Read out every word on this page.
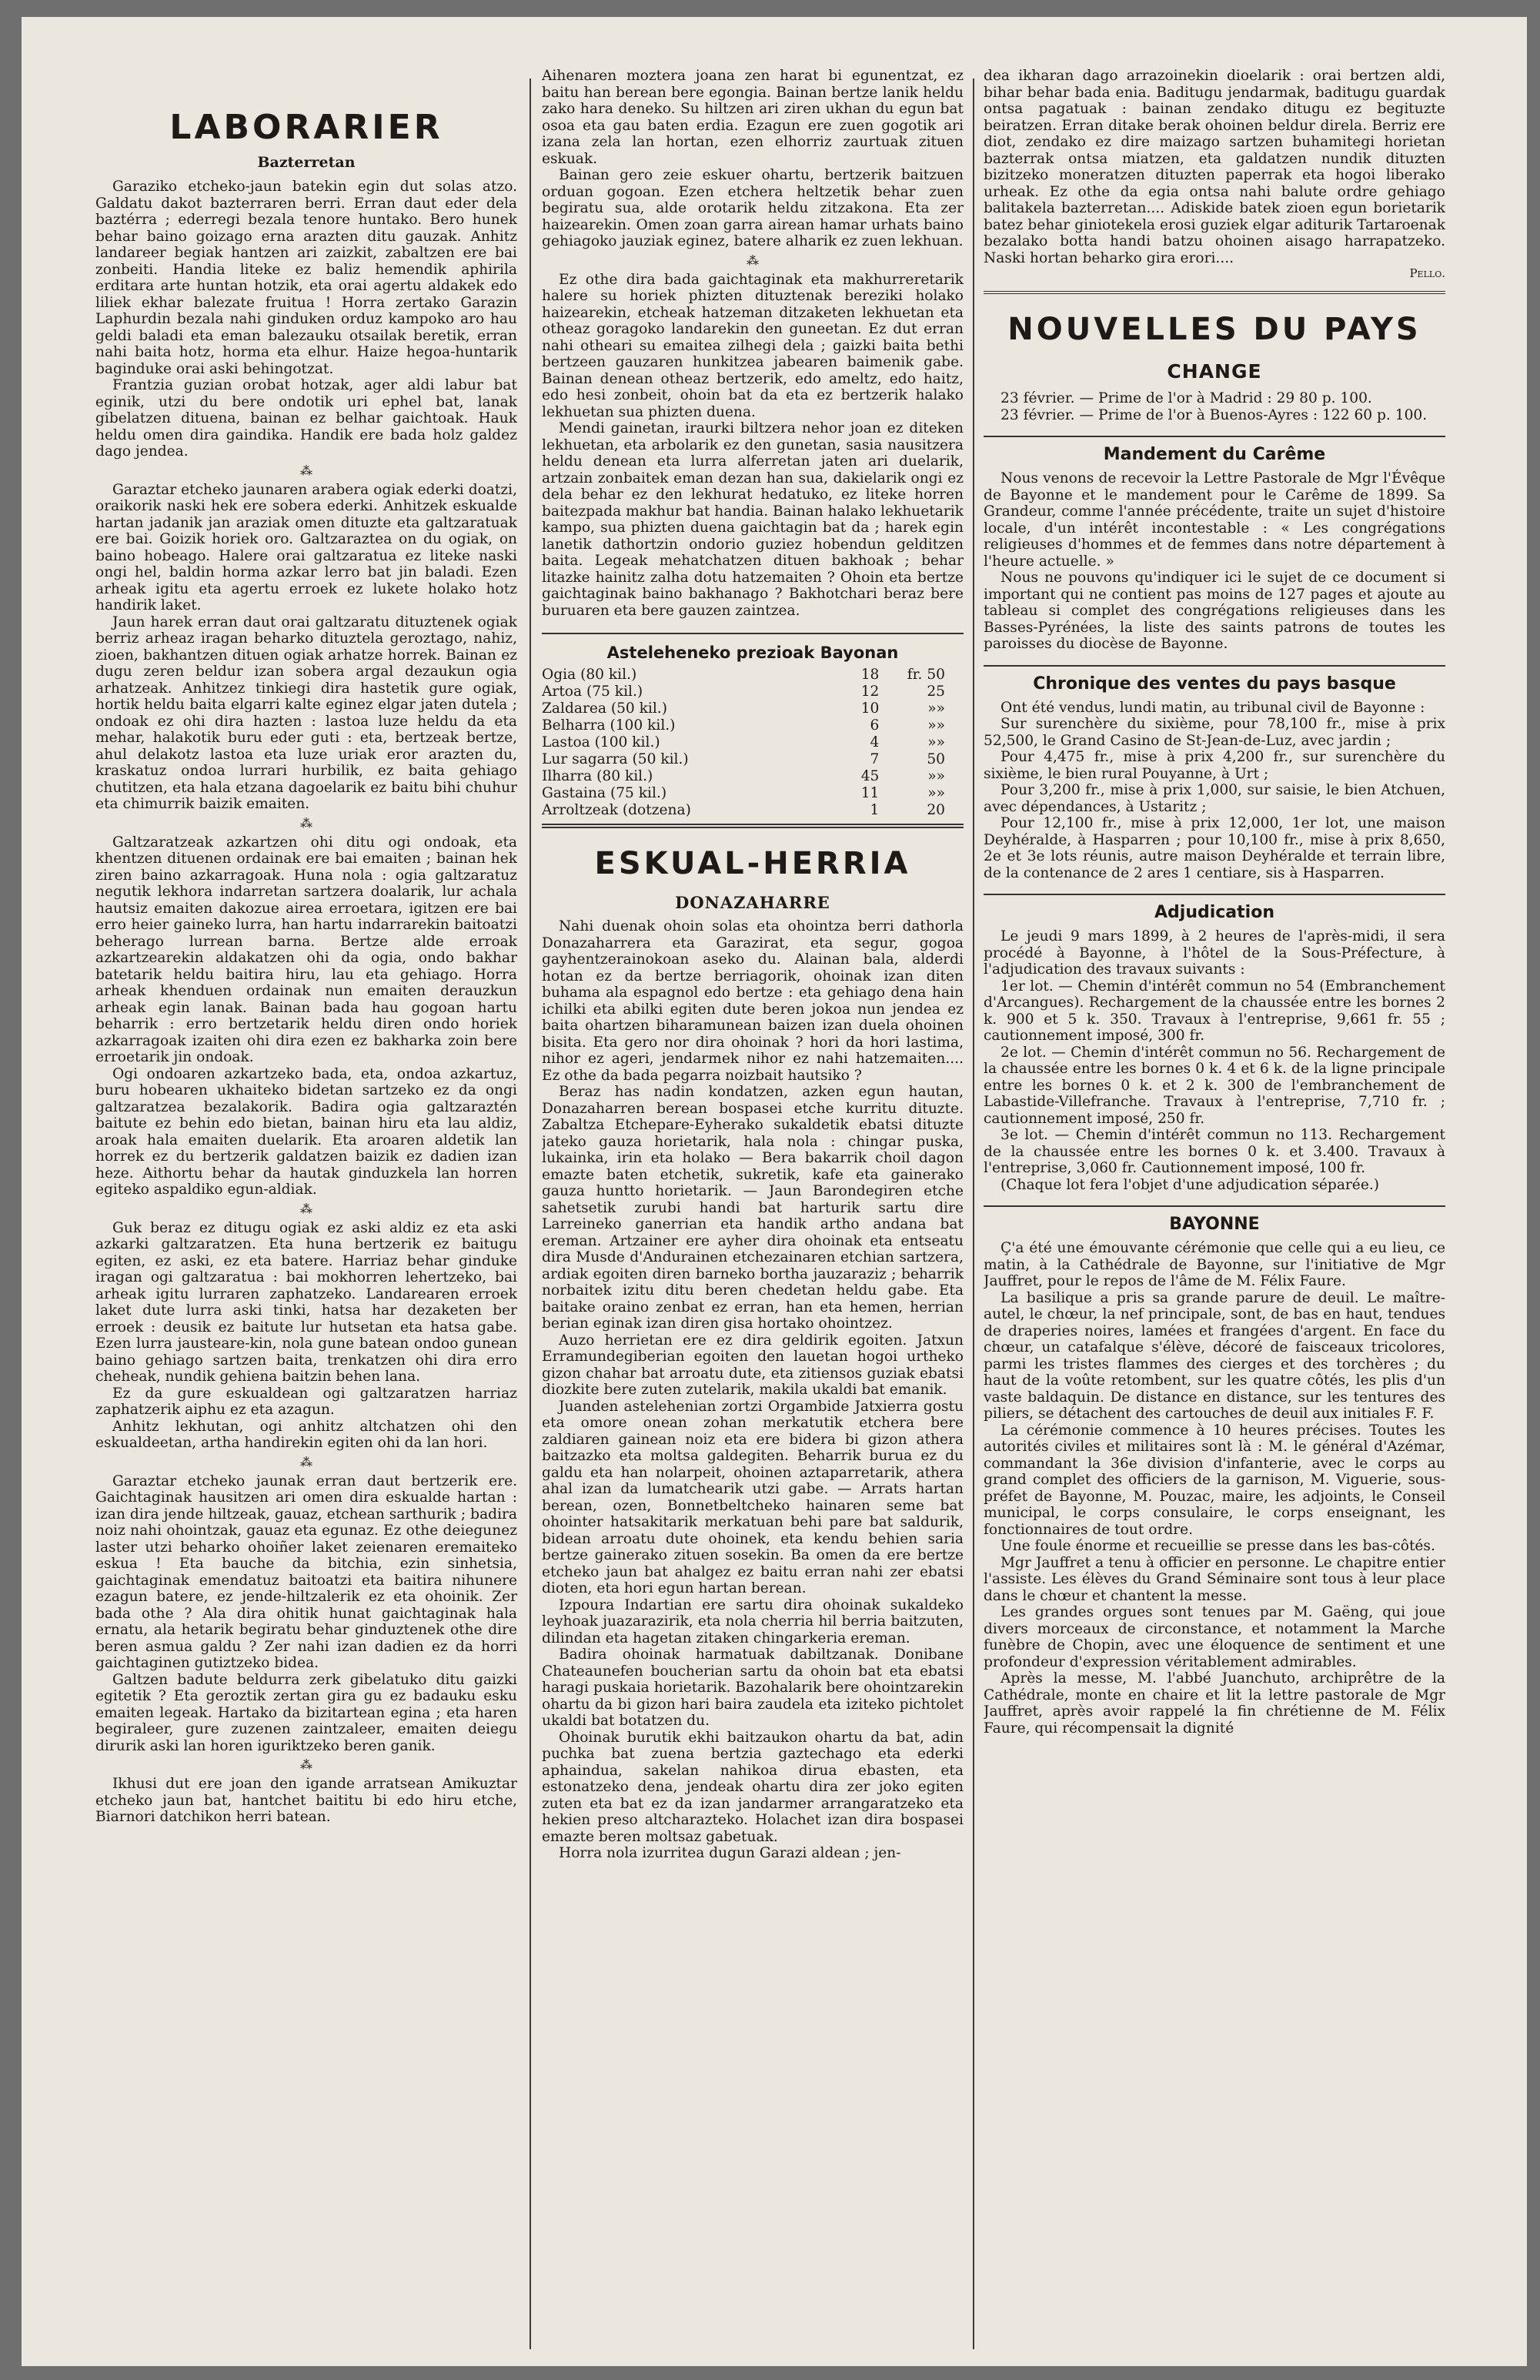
LABORARIER
Bazterretan

Garaziko etcheko-jaun batekin egin dut solas atzo. Galdatu dakot bazterraren berri. Erran daut eder dela baztérra ; ederregi bezala tenore huntako. Bero hunek behar baino goizago erna arazten ditu gauzak. Anhitz landareer begiak hantzen ari zaizkit, zabaltzen ere bai zonbeiti. Handia liteke ez baliz hemendik aphirila erditara arte huntan hotzik, eta orai agertu aldakek edo liliek ekhar balezate fruitua ! Horra zertako Garazin Laphurdin bezala nahi ginduken orduz kampoko aro hau geldi baladi eta eman balezauku otsailak beretik, erran nahi baita hotz, horma eta elhur. Haize hegoa-huntarik baginduke orai aski behingotzat.

Frantzia guzian orobat hotzak, ager aldi labur bat eginik, utzi du bere ondotik uri ephel bat, lanak gibelatzen dituena, bainan ez belhar gaichtoak. Hauk heldu omen dira gaindika. Handik ere bada holz galdez dago jendea.

⁂

Garaztar etcheko jaunaren arabera ogiak ederki doatzi, oraikorik naski hek ere sobera ederki. Anhitzek eskualde hartan jadanik jan araziak omen dituzte eta galtzaratuak ere bai. Goizik horiek oro. Galtzaraztea on du ogiak, on baino hobeago. Halere orai galtzaratua ez liteke naski ongi hel, baldin horma azkar lerro bat jin baladi. Ezen arheak igitu eta agertu erroek ez lukete holako hotz handirik laket.

Jaun harek erran daut orai galtzaratu dituztenek ogiak berriz arheaz iragan beharko dituztela geroztago, nahiz, zioen, bakhantzen dituen ogiak arhatze horrek. Bainan ez dugu zeren beldur izan sobera argal dezaukun ogia arhatzeak. Anhitzez tinkiegi dira hastetik gure ogiak, hortik heldu baita elgarri kalte eginez elgar jaten dutela ; ondoak ez ohi dira hazten : lastoa luze heldu da eta mehar, halakotik buru eder guti : eta, bertzeak bertze, ahul delakotz lastoa eta luze uriak eror arazten du, kraskatuz ondoa lurrari hurbilik, ez baita gehiago chutitzen, eta hala etzana dagoelarik ez baitu bihi chuhur eta chimurrik baizik emaiten.

⁂

Galtzaratzeak azkartzen ohi ditu ogi ondoak, eta khentzen dituenen ordainak ere bai emaiten ; bainan hek ziren baino azkarragoak. Huna nola : ogia galtzaratuz negutik lekhora indarretan sartzera doalarik, lur achala hautsiz emaiten dakozue airea erroetara, igitzen ere bai erro heier gaineko lurra, han hartu indarrarekin baitoatzi beherago lurrean barna. Bertze alde erroak azkartzearekin aldakatzen ohi da ogia, ondo bakhar batetarik heldu baitira hiru, lau eta gehiago. Horra arheak khenduen ordainak nun emaiten derauzkun arheak egin lanak. Bainan bada hau gogoan hartu beharrik : erro bertzetarik heldu diren ondo horiek azkarragoak izaiten ohi dira ezen ez bakharka zoin bere erroetarik jin ondoak.

Ogi ondoaren azkartzeko bada, eta, ondoa azkartuz, buru hobearen ukhaiteko bidetan sartzeko ez da ongi galtzaratzea bezalakorik. Badira ogia galtzaraztén baitute ez behin edo bietan, bainan hiru eta lau aldiz, aroak hala emaiten duelarik. Eta aroaren aldetik lan horrek ez du bertzerik galdatzen baizik ez dadien izan heze. Aithortu behar da hautak ginduzkela lan horren egiteko aspaldiko egun-aldiak.

⁂

Guk beraz ez ditugu ogiak ez aski aldiz ez eta aski azkarki galtzaratzen. Eta huna bertzerik ez baitugu egiten, ez aski, ez eta batere. Harriaz behar ginduke iragan ogi galtzaratua : bai mokhorren lehertzeko, bai arheak igitu lurraren zaphatzeko. Landarearen erroek laket dute lurra aski tinki, hatsa har dezaketen ber erroek : deusik ez baitute lur hutsetan eta hatsa gabe. Ezen lurra jausteare-kin, nola gune batean ondoo gunean baino gehiago sartzen baita, trenkatzen ohi dira erro cheheak, nundik gehiena baitzin behen lana.

Ez da gure eskualdean ogi galtzaratzen harriaz zaphatzerik aiphu ez eta azagun.

Anhitz lekhutan, ogi anhitz altchatzen ohi den eskualdeetan, artha handirekin egiten ohi da lan hori.

⁂

Garaztar etcheko jaunak erran daut bertzerik ere. Gaichtaginak hausitzen ari omen dira eskualde hartan : izan dira jende hiltzeak, gauaz, etchean sarthurik ; badira noiz nahi ohointzak, gauaz eta egunaz. Ez othe deiegunez laster utzi beharko ohoiñer laket zeienaren eremaiteko eskua ! Eta bauche da bitchia, ezin sinhetsia, gaichtaginak emendatuz baitoatzi eta baitira nihunere ezagun batere, ez jende-hiltzalerik ez eta ohoinik. Zer bada othe ? Ala dira ohitik hunat gaichtaginak hala ernatu, ala hetarik begiratu behar ginduztenek othe dire beren asmua galdu ? Zer nahi izan dadien ez da horri gaichtaginen gutiztzeko bidea.

Galtzen badute beldurra zerk gibelatuko ditu gaizki egitetik ? Eta geroztik zertan gira gu ez badauku esku emaiten legeak. Hartako da bizitartean egina ; eta haren begiraleer, gure zuzenen zaintzaleer, emaiten deiegu dirurik aski lan horen iguriktzeko beren ganik.

⁂

Ikhusi dut ere joan den igande arratsean Amikuztar etcheko jaun bat, hantchet baititu bi edo hiru etche, Biarnori datchikon herri batean.

Aihenaren moztera joana zen harat bi egunentzat, ez baitu han berean bere egongia. Bainan bertze lanik heldu zako hara deneko. Su hiltzen ari ziren ukhan du egun bat osoa eta gau baten erdia. Ezagun ere zuen gogotik ari izana zela lan hortan, ezen elhorriz zaurtuak zituen eskuak.

Bainan gero zeie eskuer ohartu, bertzerik baitzuen orduan gogoan. Ezen etchera heltzetik behar zuen begiratu sua, alde orotarik heldu zitzakona. Eta zer haizearekin. Omen zoan garra airean hamar urhats baino gehiagoko jauziak eginez, batere alharik ez zuen lekhuan.

⁂

Ez othe dira bada gaichtaginak eta makhurreretarik halere su horiek phizten dituztenak bereziki holako haizearekin, etcheak hatzeman ditzaketen lekhuetan eta otheaz goragoko landarekin den guneetan. Ez dut erran nahi otheari su emaitea zilhegi dela ; gaizki baita bethi bertzeen gauzaren hunkitzea jabearen baimenik gabe. Bainan denean otheaz bertzerik, edo ameltz, edo haitz, edo hesi zonbeit, ohoin bat da eta ez bertzerik halako lekhuetan sua phizten duena.

Mendi gainetan, iraurki biltzera nehor joan ez diteken lekhuetan, eta arbolarik ez den gunetan, sasia nausitzera heldu denean eta lurra alferretan jaten ari duelarik, artzain zonbaitek eman dezan han sua, dakielarik ongi ez dela behar ez den lekhurat hedatuko, ez liteke horren baitezpada makhur bat handia. Bainan halako lekhuetarik kampo, sua phizten duena gaichtagin bat da ; harek egin lanetik dathortzin ondorio guziez hobendun gelditzen baita. Legeak mehatchatzen dituen bakhoak ; behar litazke hainitz zalha dotu hatzemaiten ? Ohoin eta bertze gaichtaginak baino bakhanago ? Bakhotchari beraz bere buruaren eta bere gauzen zaintzea.

Asteleheneko prezioak Bayonan
Ogia (80 kil.)	18	fr. 50
Artoa (75 kil.)	12	25
Zaldarea (50 kil.)	10	»»
Belharra (100 kil.)	6	»»
Lastoa (100 kil.)	4	»»
Lur sagarra (50 kil.)	7	50
Ilharra (80 kil.)	45	»»
Gastaina (75 kil.)	11	»»
Arroltzeak (dotzena)	1	20
ESKUAL-HERRIA
DONAZAHARRE

Nahi duenak ohoin solas eta ohointza berri dathorla Donazaharrera eta Garazirat, eta segur, gogoa gayhentzerainokoan aseko du. Alainan bala, alderdi hotan ez da bertze berriagorik, ohoinak izan diten buhama ala espagnol edo bertze : eta gehiago dena hain ichilki eta abilki egiten dute beren jokoa nun jendea ez baita ohartzen biharamunean baizen izan duela ohoinen bisita. Eta gero nor dira ohoinak ? hori da hori lastima, nihor ez ageri, jendarmek nihor ez nahi hatzemaiten.... Ez othe da bada pegarra noizbait hautsiko ?

Beraz has nadin kondatzen, azken egun hautan, Donazaharren berean bospasei etche kurritu dituzte. Zabaltza Etchepare-Eyherako sukaldetik ebatsi dituzte jateko gauza horietarik, hala nola : chingar puska, lukainka, irin eta holako — Bera bakarrik choil dagon emazte baten etchetik, sukretik, kafe eta gainerako gauza huntto horietarik. — Jaun Barondegiren etche sahetsetik zurubi handi bat harturik sartu dire Larreineko ganerrian eta handik artho andana bat ereman. Artzainer ere ayher dira ohoinak eta entseatu dira Musde d'Andurainen etchezainaren etchian sartzera, ardiak egoiten diren barneko bortha jauzaraziz ; beharrik norbaitek izitu ditu beren chedetan heldu gabe. Eta baitake oraino zenbat ez erran, han eta hemen, herrian berian eginak izan diren gisa hortako ohointzez.

Auzo herrietan ere ez dira geldirik egoiten. Jatxun Erramundegiberian egoiten den lauetan hogoi urtheko gizon chahar bat arroatu dute, eta zitiensos guziak ebatsi diozkite bere zuten zutelarik, makila ukaldi bat emanik.

Juanden astelehenian zortzi Orgambide Jatxierra gostu eta omore onean zohan merkatutik etchera bere zaldiaren gainean noiz eta ere bidera bi gizon athera baitzazko eta moltsa galdegiten. Beharrik burua ez du galdu eta han nolarpeit, ohoinen aztaparretarik, athera ahal izan da lumatchearik utzi gabe. — Arrats hartan berean, ozen, Bonnetbeltcheko hainaren seme bat ohointer hatsakitarik merkatuan behi pare bat saldurik, bidean arroatu dute ohoinek, eta kendu behien saria bertze gainerako zituen sosekin. Ba omen da ere bertze etcheko jaun bat ahalgez ez baitu erran nahi zer ebatsi dioten, eta hori egun hartan berean.

Izpoura Indartian ere sartu dira ohoinak sukaldeko leyhoak juazarazirik, eta nola cherria hil berria baitzuten, dilindan eta hagetan zitaken chingarkeria ereman.

Badira ohoinak harmatuak dabiltzanak. Donibane Chateaunefen boucherian sartu da ohoin bat eta ebatsi haragi puskaia horietarik. Bazohalarik bere ohointzarekin ohartu da bi gizon hari baira zaudela eta iziteko pichtolet ukaldi bat botatzen du.

Ohoinak burutik ekhi baitzaukon ohartu da bat, adin puchka bat zuena bertzia gaztechago eta ederki aphaindua, sakelan nahikoa dirua ebasten, eta estonatzeko dena, jendeak ohartu dira zer joko egiten zuten eta bat ez da izan jandarmer arrangaratzeko eta hekien preso altcharazteko. Holachet izan dira bospasei emazte beren moltsaz gabetuak.

Horra nola izurritea dugun Garazi aldean ; jen-

dea ikharan dago arrazoinekin dioelarik : orai bertzen aldi, bihar behar bada enia. Baditugu jendarmak, baditugu guardak ontsa pagatuak : bainan zendako ditugu ez begituzte beiratzen. Erran ditake berak ohoinen beldur direla. Berriz ere diot, zendako ez dire maizago sartzen buhamitegi horietan bazterrak ontsa miatzen, eta galdatzen nundik dituzten bizitzeko moneratzen dituzten paperrak eta hogoi liberako urheak. Ez othe da egia ontsa nahi balute ordre gehiago balitakela bazterretan.... Adiskide batek zioen egun borietarik batez behar giniotekela erosi guziek elgar aditurik Tartaroenak bezalako botta handi batzu ohoinen aisago harrapatzeko. Naski hortan beharko gira erori....

Pello.
NOUVELLES DU PAYS
CHANGE

23 février. — Prime de l'or à Madrid : 29 80 p. 100.

23 février. — Prime de l'or à Buenos-Ayres : 122 60 p. 100.

Mandement du Carême

Nous venons de recevoir la Lettre Pastorale de Mgr l'Évêque de Bayonne et le mandement pour le Carême de 1899. Sa Grandeur, comme l'année précédente, traite un sujet d'histoire locale, d'un intérêt incontestable : « Les congrégations religieuses d'hommes et de femmes dans notre département à l'heure actuelle. »

Nous ne pouvons qu'indiquer ici le sujet de ce document si important qui ne contient pas moins de 127 pages et ajoute au tableau si complet des congrégations religieuses dans les Basses-Pyrénées, la liste des saints patrons de toutes les paroisses du diocèse de Bayonne.

Chronique des ventes du pays basque

Ont été vendus, lundi matin, au tribunal civil de Bayonne :

Sur surenchère du sixième, pour 78,100 fr., mise à prix 52,500, le Grand Casino de St-Jean-de-Luz, avec jardin ;

Pour 4,475 fr., mise à prix 4,200 fr., sur surenchère du sixième, le bien rural Pouyanne, à Urt ;

Pour 3,200 fr., mise à prix 1,000, sur saisie, le bien Atchuen, avec dépendances, à Ustaritz ;

Pour 12,100 fr., mise à prix 12,000, 1er lot, une maison Deyhéralde, à Hasparren ; pour 10,100 fr., mise à prix 8,650, 2e et 3e lots réunis, autre maison Deyhéralde et terrain libre, de la contenance de 2 ares 1 centiare, sis à Hasparren.

Adjudication

Le jeudi 9 mars 1899, à 2 heures de l'après-midi, il sera procédé à Bayonne, à l'hôtel de la Sous-Préfecture, à l'adjudication des travaux suivants :

1er lot. — Chemin d'intérêt commun no 54 (Embranchement d'Arcangues). Rechargement de la chaussée entre les bornes 2 k. 900 et 5 k. 350. Travaux à l'entreprise, 9,661 fr. 55 ; cautionnement imposé, 300 fr.

2e lot. — Chemin d'intérêt commun no 56. Rechargement de la chaussée entre les bornes 0 k. 4 et 6 k. de la ligne principale entre les bornes 0 k. et 2 k. 300 de l'embranchement de Labastide-Villefranche. Travaux à l'entreprise, 7,710 fr. ; cautionnement imposé, 250 fr.

3e lot. — Chemin d'intérêt commun no 113. Rechargement de la chaussée entre les bornes 0 k. et 3.400. Travaux à l'entreprise, 3,060 fr. Cautionnement imposé, 100 fr.

(Chaque lot fera l'objet d'une adjudication séparée.)

BAYONNE

Ç'a été une émouvante cérémonie que celle qui a eu lieu, ce matin, à la Cathédrale de Bayonne, sur l'initiative de Mgr Jauffret, pour le repos de l'âme de M. Félix Faure.

La basilique a pris sa grande parure de deuil. Le maître-autel, le chœur, la nef principale, sont, de bas en haut, tendues de draperies noires, lamées et frangées d'argent. En face du chœur, un catafalque s'élève, décoré de faisceaux tricolores, parmi les tristes flammes des cierges et des torchères ; du haut de la voûte retombent, sur les quatre côtés, les plis d'un vaste baldaquin. De distance en distance, sur les tentures des piliers, se détachent des cartouches de deuil aux initiales F. F.

La cérémonie commence à 10 heures précises. Toutes les autorités civiles et militaires sont là : M. le général d'Azémar, commandant la 36e division d'infanterie, avec le corps au grand complet des officiers de la garnison, M. Viguerie, sous-préfet de Bayonne, M. Pouzac, maire, les adjoints, le Conseil municipal, le corps consulaire, le corps enseignant, les fonctionnaires de tout ordre.

Une foule énorme et recueillie se presse dans les bas-côtés.

Mgr Jauffret a tenu à officier en personne. Le chapitre entier l'assiste. Les élèves du Grand Séminaire sont tous à leur place dans le chœur et chantent la messe.

Les grandes orgues sont tenues par M. Gaëng, qui joue divers morceaux de circonstance, et notamment la Marche funèbre de Chopin, avec une éloquence de sentiment et une profondeur d'expression véritablement admirables.

Après la messe, M. l'abbé Juanchuto, archiprêtre de la Cathédrale, monte en chaire et lit la lettre pastorale de Mgr Jauffret, après avoir rappelé la fin chrétienne de M. Félix Faure, qui récompensait la dignité
